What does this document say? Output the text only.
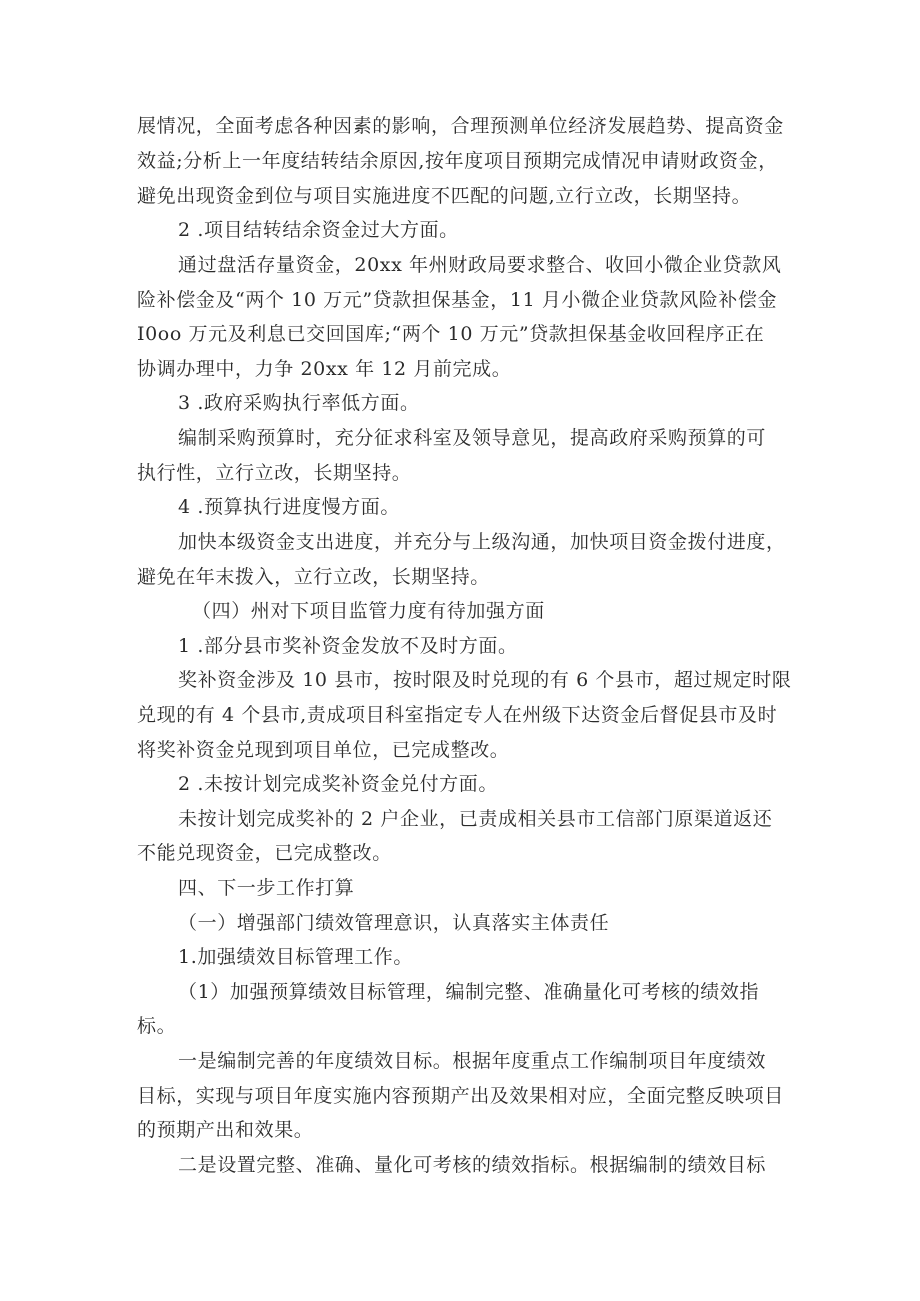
展情况，全面考虑各种因素的影响，合理预测单位经济发展趋势、提高资金
效益;分析上一年度结转结余原因,按年度项目预期完成情况申请财政资金，
避免出现资金到位与项目实施进度不匹配的问题,立行立改，长期坚持。
2 .项目结转结余资金过大方面。
通过盘活存量资金，20xx 年州财政局要求整合、收回小微企业贷款风
险补偿金及“两个 10 万元”贷款担保基金，11 月小微企业贷款风险补偿金
I0oo 万元及利息已交回国库;“两个 10 万元”贷款担保基金收回程序正在
协调办理中，力争 20xx 年 12 月前完成。
3 .政府采购执行率低方面。
编制采购预算时，充分征求科室及领导意见，提高政府采购预算的可
执行性，立行立改，长期坚持。
4 .预算执行进度慢方面。
加快本级资金支出进度，并充分与上级沟通，加快项目资金拨付进度，
避免在年末拨入，立行立改，长期坚持。
（四）州对下项目监管力度有待加强方面
1 .部分县市奖补资金发放不及时方面。
奖补资金涉及 10 县市，按时限及时兑现的有 6 个县市，超过规定时限
兑现的有 4 个县市,责成项目科室指定专人在州级下达资金后督促县市及时
将奖补资金兑现到项目单位，已完成整改。
2 .未按计划完成奖补资金兑付方面。
未按计划完成奖补的 2 户企业，已责成相关县市工信部门原渠道返还
不能兑现资金，已完成整改。
四、下一步工作打算
（一）增强部门绩效管理意识，认真落实主体责任
1.加强绩效目标管理工作。
（1）加强预算绩效目标管理，编制完整、准确量化可考核的绩效指
标。
一是编制完善的年度绩效目标。根据年度重点工作编制项目年度绩效
目标，实现与项目年度实施内容预期产出及效果相对应，全面完整反映项目
的预期产出和效果。
二是设置完整、准确、量化可考核的绩效指标。根据编制的绩效目标
